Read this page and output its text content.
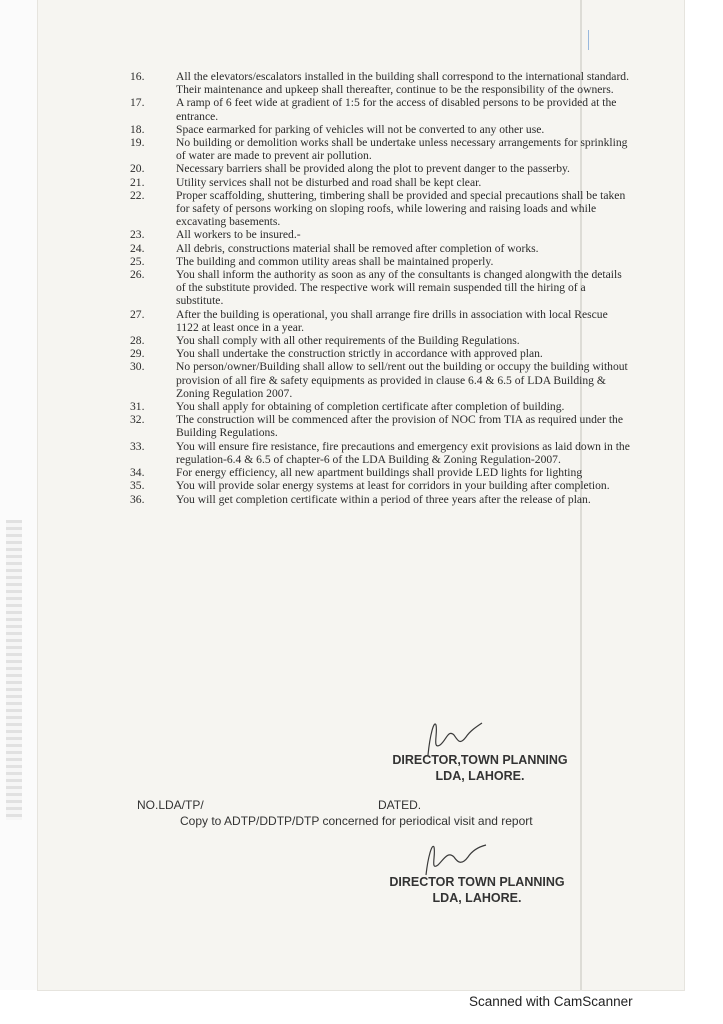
16.	All the elevators/escalators installed in the building shall correspond to the international standard. Their maintenance and upkeep shall thereafter, continue to be the responsibility of the owners.
17.	A ramp of 6 feet wide at gradient of 1:5 for the access of disabled persons to be provided at the entrance.
18.	Space earmarked for parking of vehicles will not be converted to any other use.
19.	No building or demolition works shall be undertake unless necessary arrangements for sprinkling of water are made to prevent air pollution.
20.	Necessary barriers shall be provided along the plot to prevent danger to the passerby.
21.	Utility services shall not be disturbed and road shall be kept clear.
22.	Proper scaffolding, shuttering, timbering shall be provided and special precautions shall be taken for safety of persons working on sloping roofs, while lowering and raising loads and while excavating basements.
23.	All workers to be insured.-
24.	All debris, constructions material shall be removed after completion of works.
25.	The building and common utility areas shall be maintained properly.
26.	You shall inform the authority as soon as any of the consultants is changed alongwith the details of the substitute provided. The respective work will remain suspended till the hiring of a substitute.
27.	After the building is operational, you shall arrange fire drills in association with local Rescue 1122 at least once in a year.
28.	You shall comply with all other requirements of the Building Regulations.
29.	You shall undertake the construction strictly in accordance with approved plan.
30.	No person/owner/Building shall allow to sell/rent out the building or occupy the building without provision of all fire & safety equipments as provided in clause 6.4 & 6.5 of LDA Building & Zoning Regulation 2007.
31.	You shall apply for obtaining of completion certificate after completion of building.
32.	The construction will be commenced after the provision of NOC from TIA as required under the Building Regulations.
33.	You will ensure fire resistance, fire precautions and emergency exit provisions as laid down in the regulation-6.4 & 6.5 of chapter-6 of the LDA Building & Zoning Regulation-2007.
34.	For energy efficiency, all new apartment buildings shall provide LED lights for lighting
35.	You will provide solar energy systems at least for corridors in your building after completion.
36.	You will get completion certificate within a period of three years after the release of plan.
DIRECTOR,TOWN PLANNING
LDA, LAHORE.
NO.LDA/TP/	DATED.
Copy to ADTP/DDTP/DTP concerned for periodical visit and report
DIRECTOR TOWN PLANNING
LDA, LAHORE.
Scanned with CamScanner
